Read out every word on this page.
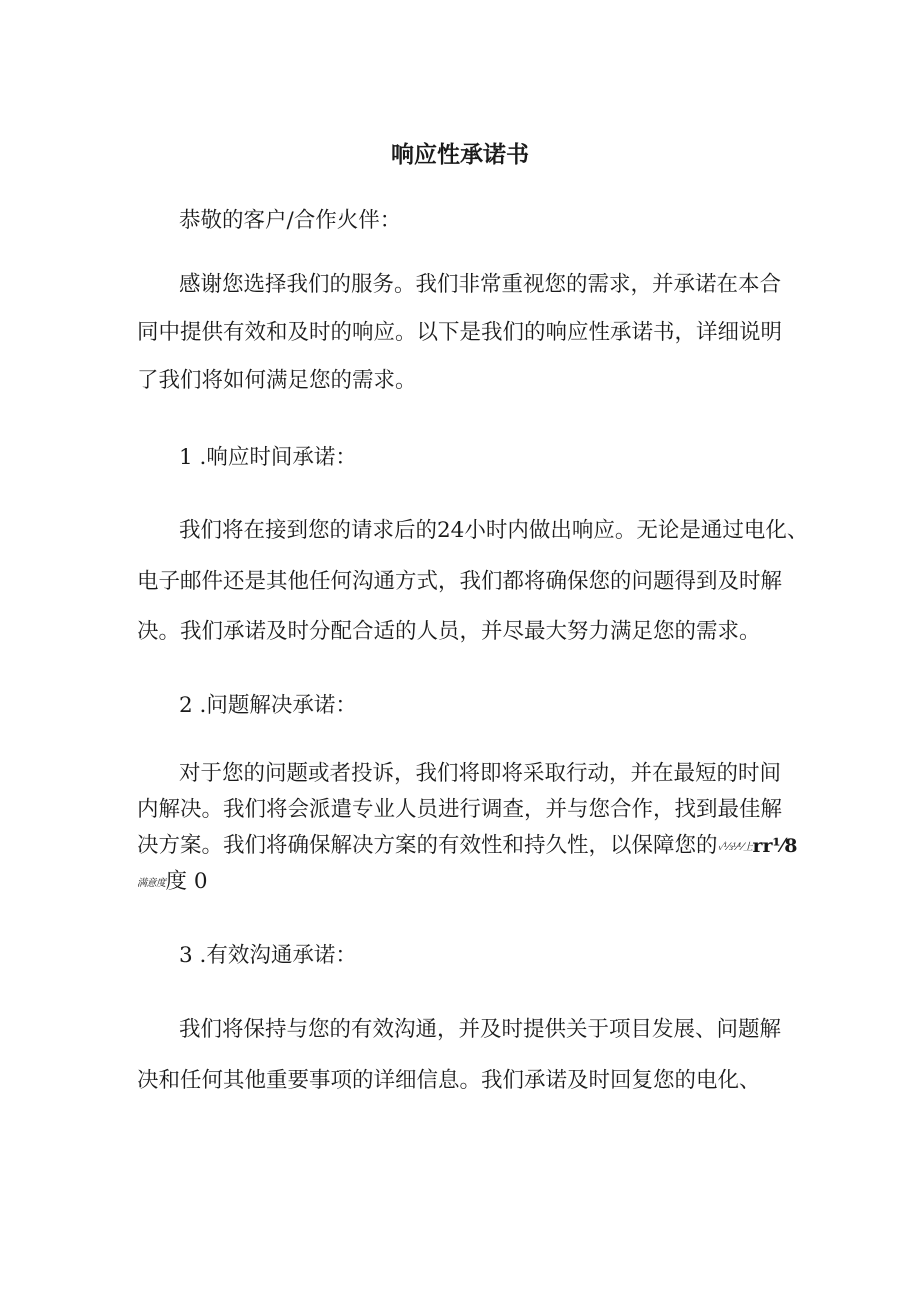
响应性承诺书
恭敬的客户/合作火伴：
感谢您选择我们的服务。我们非常重视您的需求，并承诺在本合
同中提供有效和及时的响应。以下是我们的响应性承诺书，详细说明
了我们将如何满足您的需求。
1 .响应时间承诺：
我们将在接到您的请求后的24小时内做出响应。无论是通过电化、
电子邮件还是其他任何沟通方式，我们都将确保您的问题得到及时解
决。我们承诺及时分配合适的人员，并尽最大努力满足您的需求。
2 .问题解决承诺：
对于您的问题或者投诉，我们将即将采取行动，并在最短的时间
内解决。我们将会派遣专业人员进行调查，并与您合作，找到最佳解
决方案。我们将确保解决方案的有效性和持久性，以保障您的✓⅓⅟⅟上rr⅟8
满意度度 0
3 .有效沟通承诺：
我们将保持与您的有效沟通，并及时提供关于项目发展、问题解
决和任何其他重要事项的详细信息。我们承诺及时回复您的电化、
